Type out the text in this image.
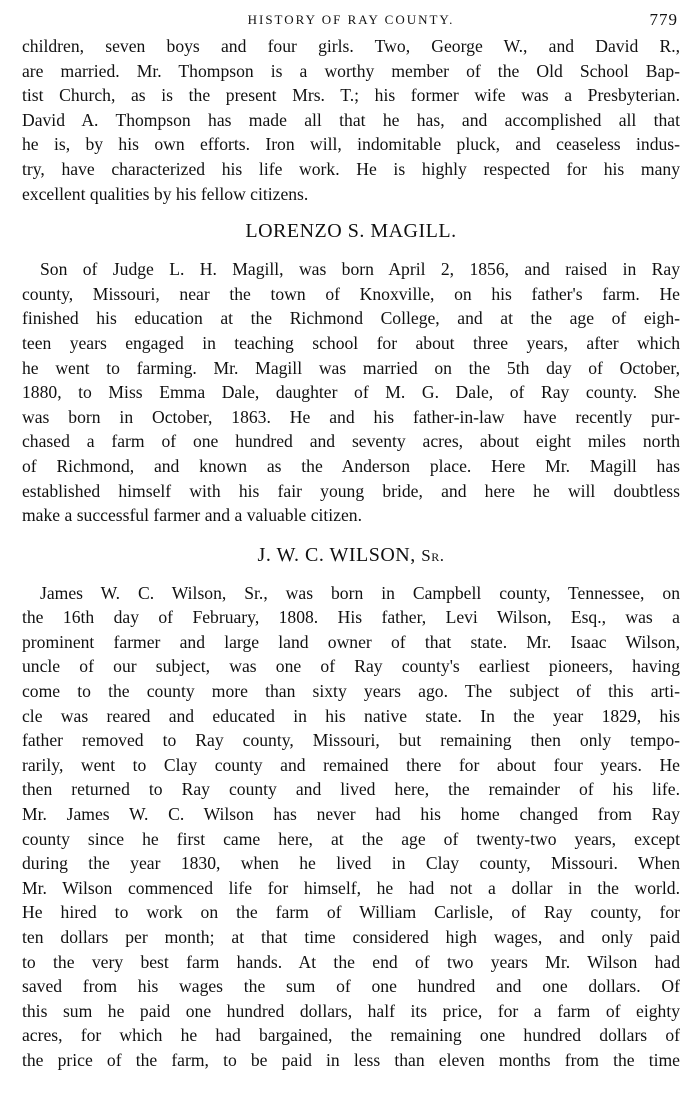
HISTORY OF RAY COUNTY.	779

children, seven boys and four girls. Two, George W., and David R.,
are married. Mr. Thompson is a worthy member of the Old School Bap-
tist Church, as is the present Mrs. T.; his former wife was a Presbyterian.
David A. Thompson has made all that he has, and accomplished all that
he is, by his own efforts. Iron will, indomitable pluck, and ceaseless indus-
try, have characterized his life work. He is highly respected for his many
excellent qualities by his fellow citizens.

LORENZO S. MAGILL.

Son of Judge L. H. Magill, was born April 2, 1856, and raised in Ray
county, Missouri, near the town of Knoxville, on his father's farm. He
finished his education at the Richmond College, and at the age of eigh-
teen years engaged in teaching school for about three years, after which
he went to farming. Mr. Magill was married on the 5th day of October,
1880, to Miss Emma Dale, daughter of M. G. Dale, of Ray county. She
was born in October, 1863. He and his father-in-law have recently pur-
chased a farm of one hundred and seventy acres, about eight miles north
of Richmond, and known as the Anderson place. Here Mr. Magill has
established himself with his fair young bride, and here he will doubtless
make a successful farmer and a valuable citizen.

J. W. C. WILSON, Sr.

James W. C. Wilson, Sr., was born in Campbell county, Tennessee, on
the 16th day of February, 1808. His father, Levi Wilson, Esq., was a
prominent farmer and large land owner of that state. Mr. Isaac Wilson,
uncle of our subject, was one of Ray county's earliest pioneers, having
come to the county more than sixty years ago. The subject of this arti-
cle was reared and educated in his native state. In the year 1829, his
father removed to Ray county, Missouri, but remaining then only tempo-
rarily, went to Clay county and remained there for about four years. He
then returned to Ray county and lived here, the remainder of his life.
Mr. James W. C. Wilson has never had his home changed from Ray
county since he first came here, at the age of twenty-two years, except
during the year 1830, when he lived in Clay county, Missouri. When
Mr. Wilson commenced life for himself, he had not a dollar in the world.
He hired to work on the farm of William Carlisle, of Ray county, for
ten dollars per month; at that time considered high wages, and only paid
to the very best farm hands. At the end of two years Mr. Wilson had
saved from his wages the sum of one hundred and one dollars. Of
this sum he paid one hundred dollars, half its price, for a farm of eighty
acres, for which he had bargained, the remaining one hundred dollars of
the price of the farm, to be paid in less than eleven months from the time
